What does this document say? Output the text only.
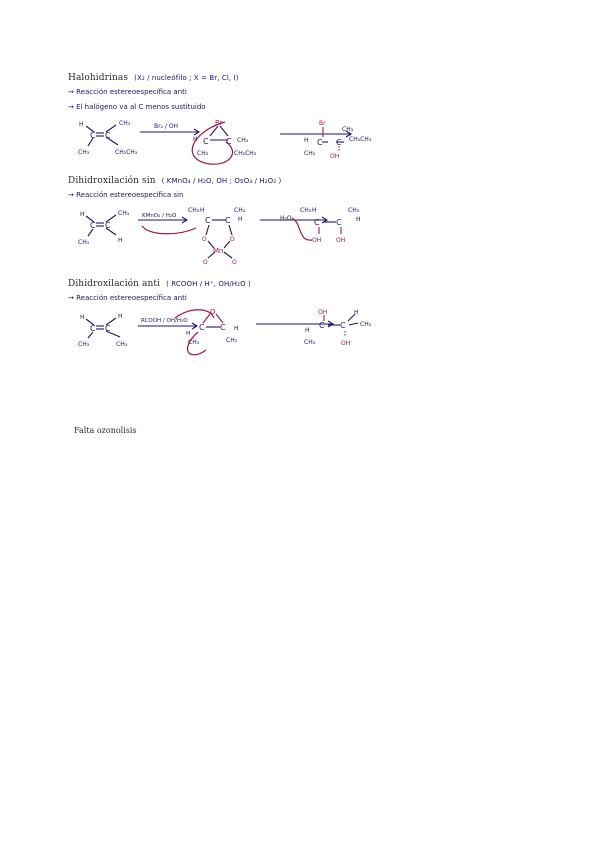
Halohidrinas (X₂ / nucleófilo ; X = Br, Cl, I)
→ Reacción estereoespecífica anti
→ El halógeno va al C menos sustituido
C C
H	CH₃
CH₃	CH₂CH₃
Br₂ / OH	Br
C C
H
CH₃
CH₃
CH₂CH₃
Br
C C
H
CH₃
CH₃
CH₂CH₃
OH
Dihidroxilación sin ( KMnO₄ / H₂O, OH ; OsO₄ / H₂O₂ )
→ Reacción estereoespecífica sin
C C
H	CH₃
CH₃	H
KMnO₄ / H₂O	C C
CH₃ H	CH₃
H
O	O
Mn
O	O
H₂O	C C
CH₃ H	CH₃
H
OH OH
Dihidroxilación anti ( RCOOH / H⁺, OH/H₂O )
→ Reacción estereoespecífica anti
C C
H	H
CH₃	CH₃
RCOOH / OH/H₂O
O
C C
H
CH₃
H
CH₃
C C
OH
OH
H
CH₃
H
CH₃
Falta ozonolisis
